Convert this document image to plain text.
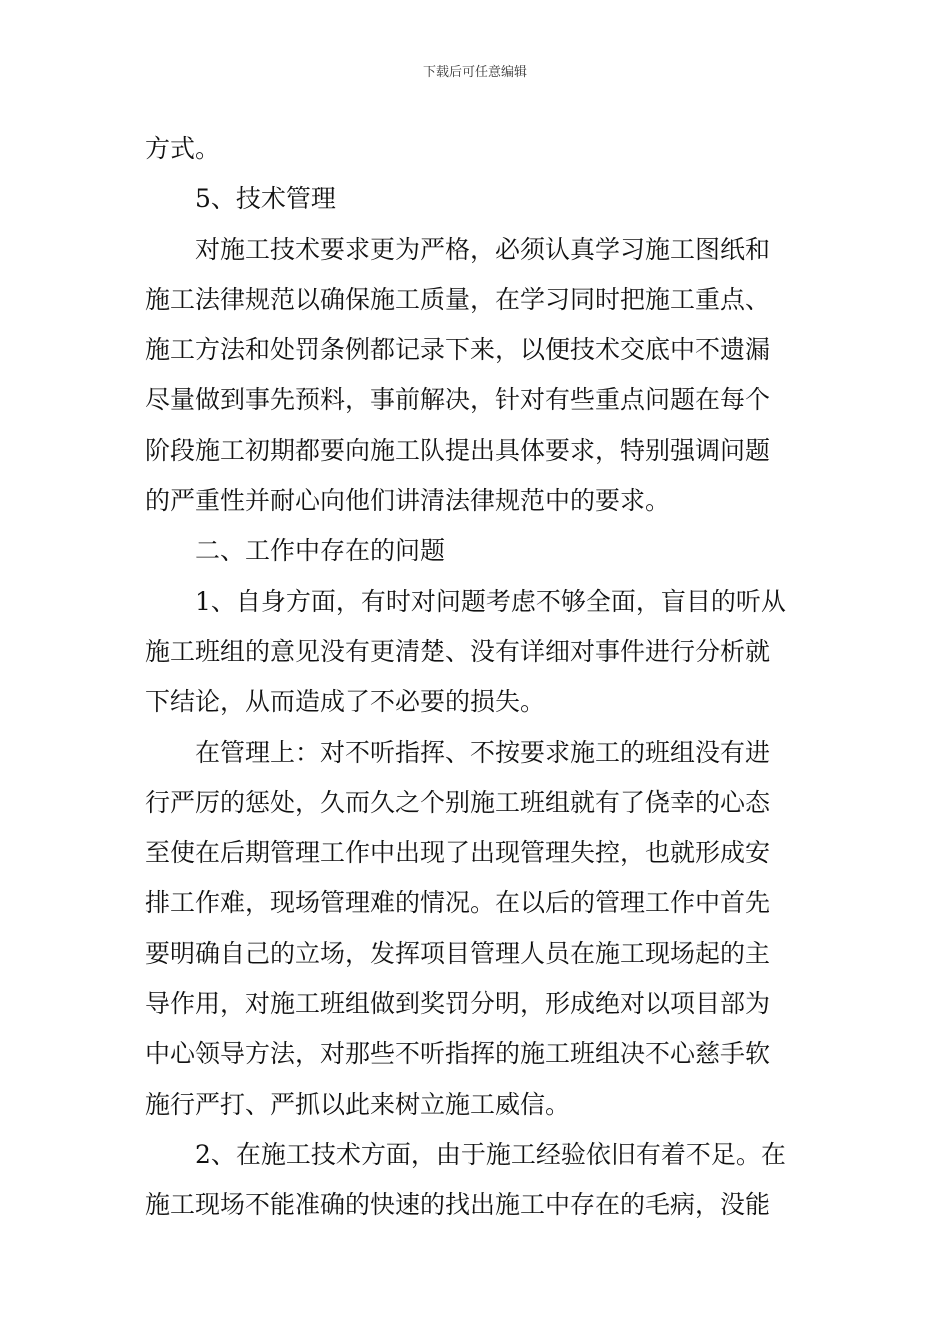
下载后可任意编辑
方式。
5、技术管理
对施工技术要求更为严格，必须认真学习施工图纸和
施工法律规范以确保施工质量，在学习同时把施工重点、
施工方法和处罚条例都记录下来，以便技术交底中不遗漏
尽量做到事先预料，事前解决，针对有些重点问题在每个
阶段施工初期都要向施工队提出具体要求，特别强调问题
的严重性并耐心向他们讲清法律规范中的要求。
二、工作中存在的问题
1、自身方面，有时对问题考虑不够全面，盲目的听从
施工班组的意见没有更清楚、没有详细对事件进行分析就
下结论，从而造成了不必要的损失。
在管理上：对不听指挥、不按要求施工的班组没有进
行严厉的惩处，久而久之个别施工班组就有了侥幸的心态
至使在后期管理工作中出现了出现管理失控，也就形成安
排工作难，现场管理难的情况。在以后的管理工作中首先
要明确自己的立场，发挥项目管理人员在施工现场起的主
导作用，对施工班组做到奖罚分明，形成绝对以项目部为
中心领导方法，对那些不听指挥的施工班组决不心慈手软
施行严打、严抓以此来树立施工威信。
2、在施工技术方面，由于施工经验依旧有着不足。在
施工现场不能准确的快速的找出施工中存在的毛病，没能
